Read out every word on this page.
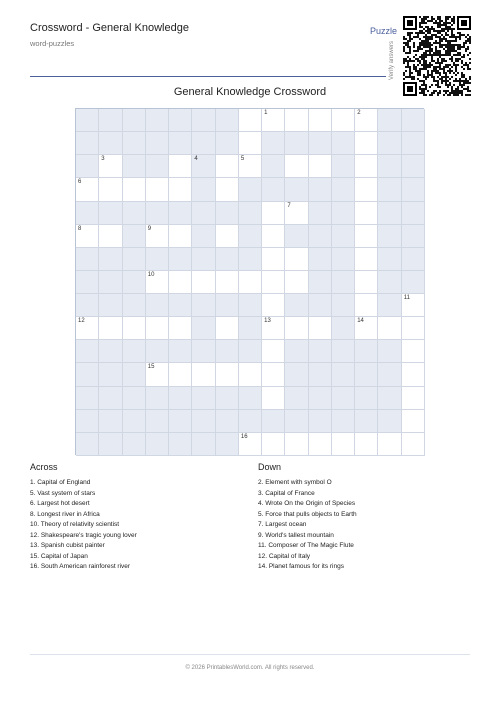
Crossword - General Knowledge
word-puzzles
Puzzle
Verify answers
General Knowledge Crossword
1	2
3	4	5
6
7
8	9
10
11
12	13	14
15
16
Across
1. Capital of England
5. Vast system of stars
6. Largest hot desert
8. Longest river in Africa
10. Theory of relativity scientist
12. Shakespeare's tragic young lover
13. Spanish cubist painter
15. Capital of Japan
16. South American rainforest river
Down
2. Element with symbol O
3. Capital of France
4. Wrote On the Origin of Species
5. Force that pulls objects to Earth
7. Largest ocean
9. World's tallest mountain
11. Composer of The Magic Flute
12. Capital of Italy
14. Planet famous for its rings
© 2026 PrintablesWorld.com. All rights reserved.
